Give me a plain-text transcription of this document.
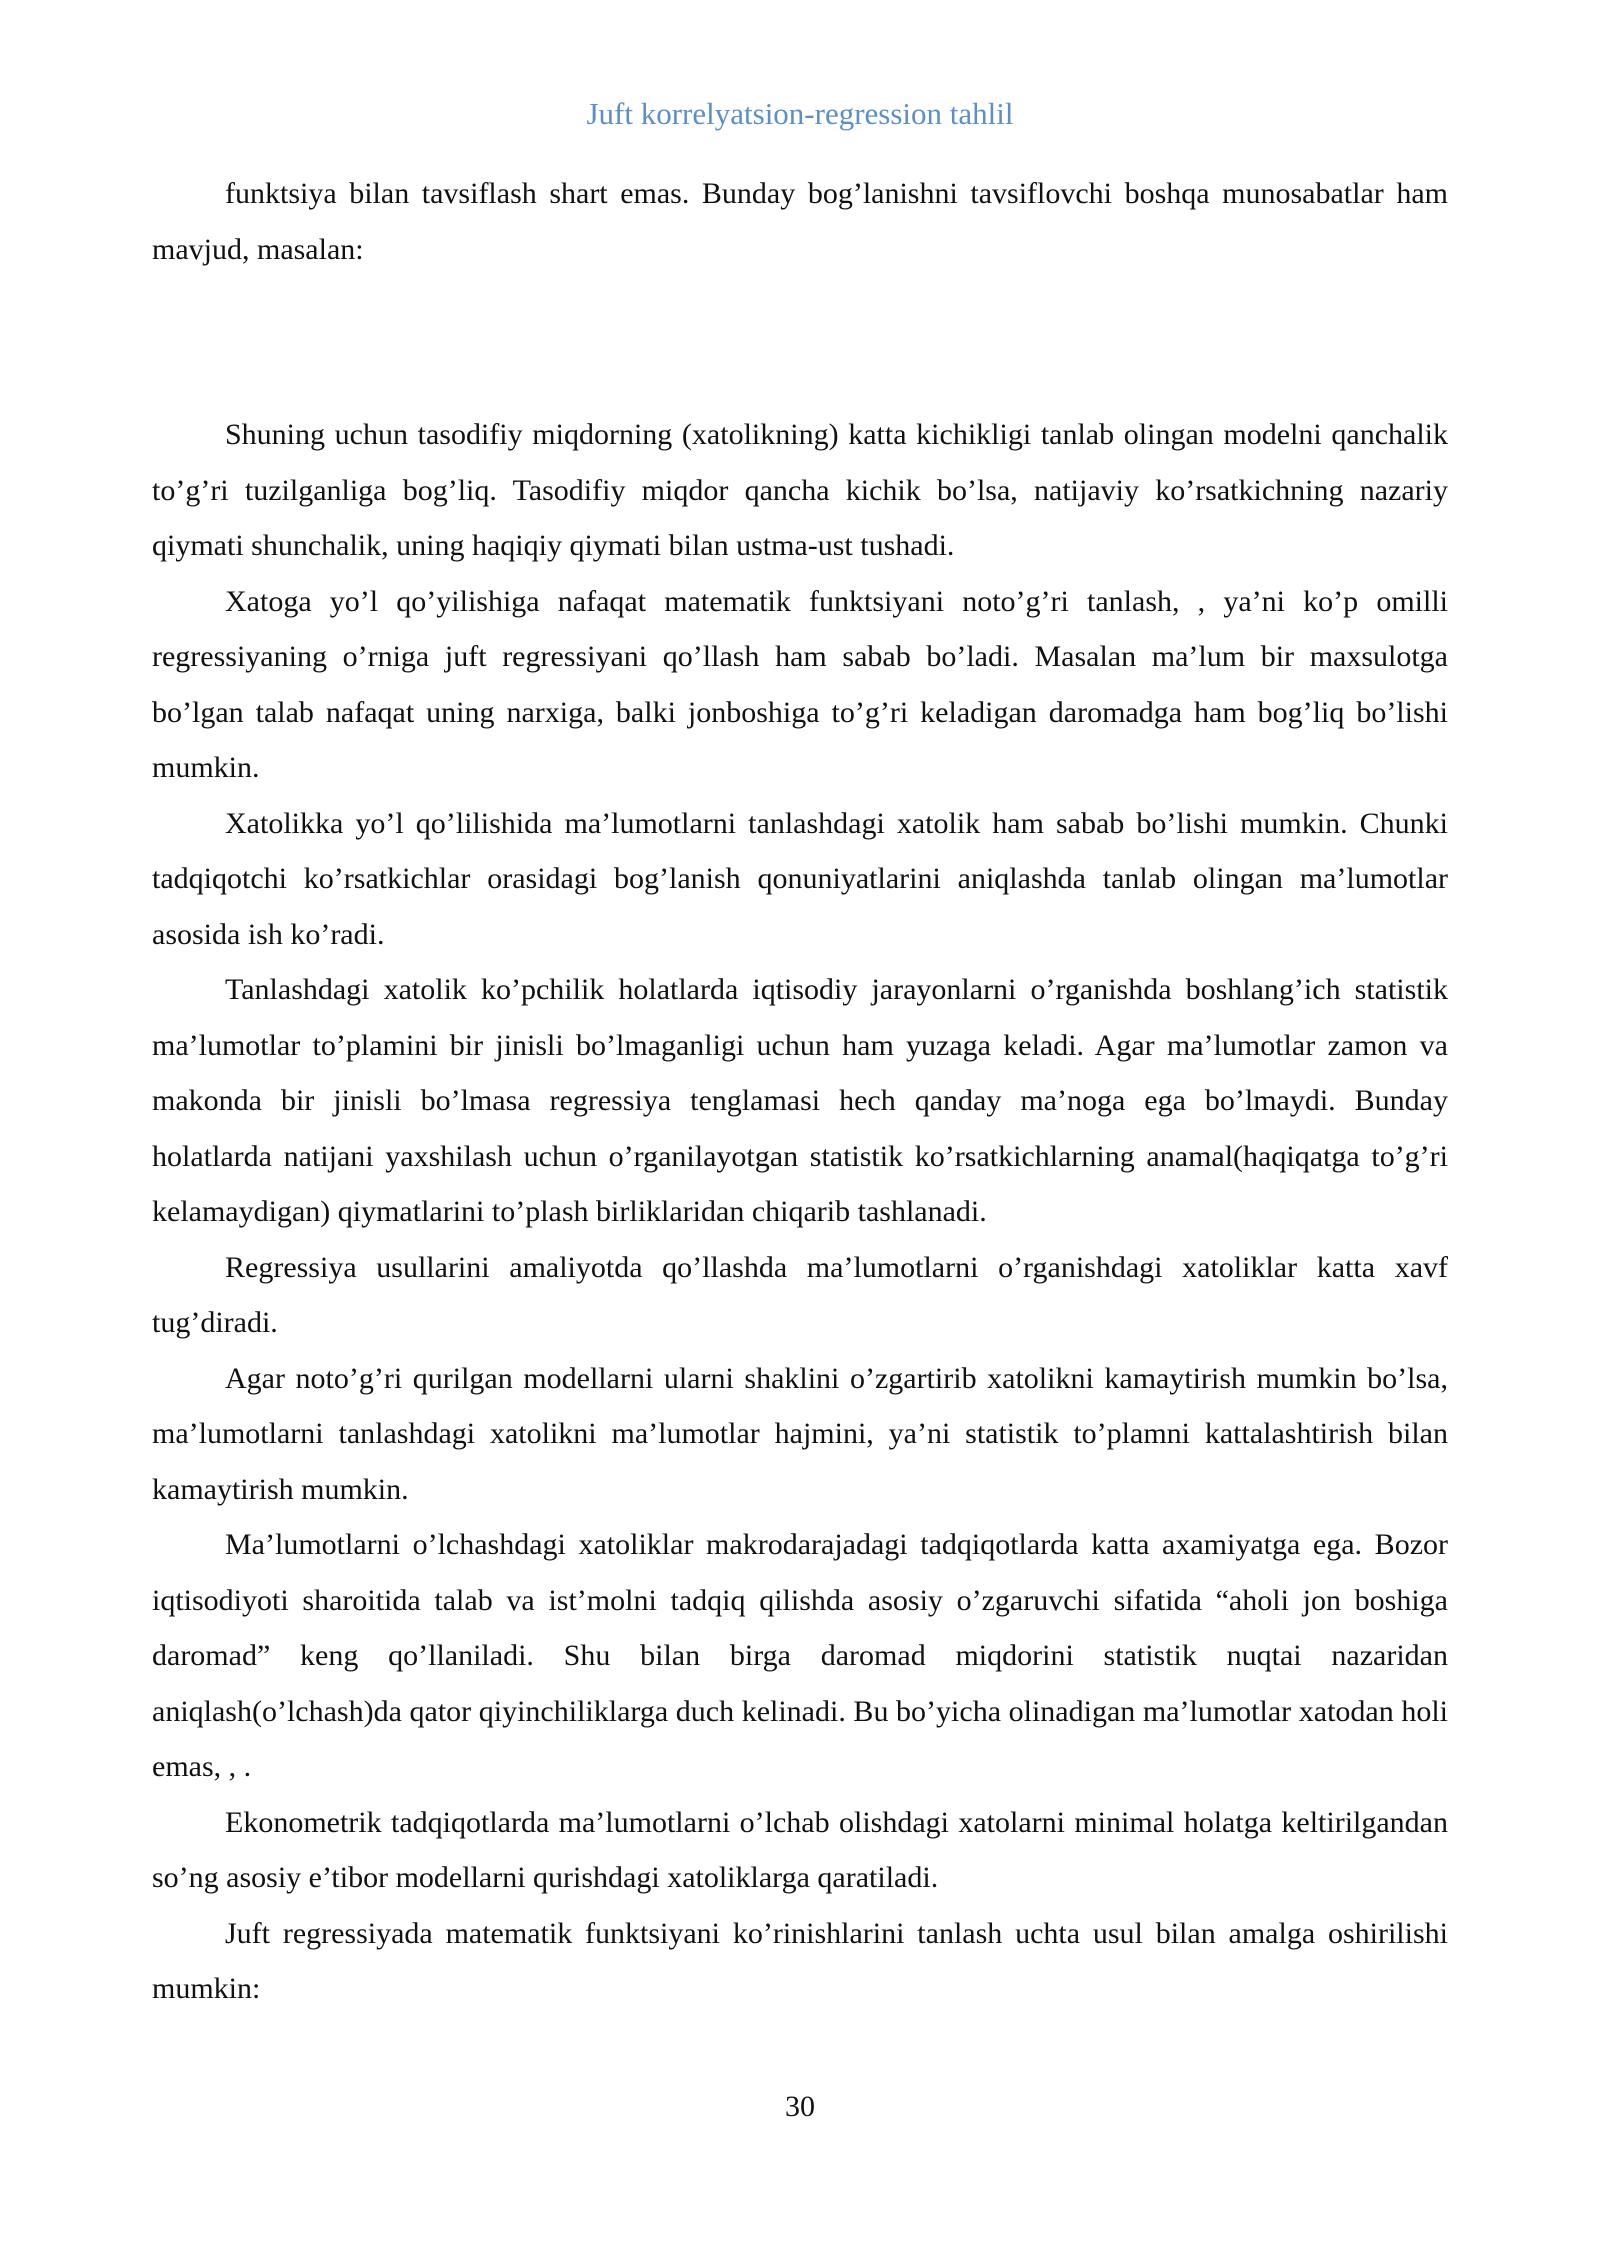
Juft korrelyatsion-regression tahlil

funktsiya bilan tavsiflash shart emas. Bunday bog’lanishni tavsiflovchi boshqa munosabatlar ham mavjud, masalan:

Shuning uchun tasodifiy miqdorning (xatolikning) katta kichikligi tanlab olingan modelni qanchalik to’g’ri tuzilganliga bog’liq. Tasodifiy miqdor qancha kichik bo’lsa, natijaviy ko’rsatkichning nazariy qiymati shunchalik, uning haqiqiy qiymati bilan ustma-ust tushadi.

Xatoga yo’l qo’yilishiga nafaqat matematik funktsiyani noto’g’ri tanlash, , ya’ni ko’p omilli regressiyaning o’rniga juft regressiyani qo’llash ham sabab bo’ladi. Masalan ma’lum bir maxsulotga bo’lgan talab nafaqat uning narxiga, balki jonboshiga to’g’ri keladigan daromadga ham bog’liq bo’lishi mumkin.

Xatolikka yo’l qo’lilishida ma’lumotlarni tanlashdagi xatolik ham sabab bo’lishi mumkin. Chunki tadqiqotchi ko’rsatkichlar orasidagi bog’lanish qonuniyatlarini aniqlashda tanlab olingan ma’lumotlar asosida ish ko’radi.

Tanlashdagi xatolik ko’pchilik holatlarda iqtisodiy jarayonlarni o’rganishda boshlang’ich statistik ma’lumotlar to’plamini bir jinisli bo’lmaganligi uchun ham yuzaga keladi. Agar ma’lumotlar zamon va makonda bir jinisli bo’lmasa regressiya tenglamasi hech qanday ma’noga ega bo’lmaydi. Bunday holatlarda natijani yaxshilash uchun o’rganilayotgan statistik ko’rsatkichlarning anamal(haqiqatga to’g’ri kelamaydigan) qiymatlarini to’plash birliklaridan chiqarib tashlanadi.

Regressiya usullarini amaliyotda qo’llashda ma’lumotlarni o’rganishdagi xatoliklar katta xavf tug’diradi.

Agar noto’g’ri qurilgan modellarni ularni shaklini o’zgartirib xatolikni kamaytirish mumkin bo’lsa, ma’lumotlarni tanlashdagi xatolikni ma’lumotlar hajmini, ya’ni statistik to’plamni kattalashtirish bilan kamaytirish mumkin.

Ma’lumotlarni o’lchashdagi xatoliklar makrodarajadagi tadqiqotlarda katta axamiyatga ega. Bozor iqtisodiyoti sharoitida talab va ist’molni tadqiq qilishda asosiy o’zgaruvchi sifatida “aholi jon boshiga daromad” keng qo’llaniladi. Shu bilan birga daromad miqdorini statistik nuqtai nazaridan aniqlash(o’lchash)da qator qiyinchiliklarga duch kelinadi. Bu bo’yicha olinadigan ma’lumotlar xatodan holi emas, , .

Ekonometrik tadqiqotlarda ma’lumotlarni o’lchab olishdagi xatolarni minimal holatga keltirilgandan so’ng asosiy e’tibor modellarni qurishdagi xatoliklarga qaratiladi.

Juft regressiyada matematik funktsiyani ko’rinishlarini tanlash uchta usul bilan amalga oshirilishi mumkin:

30
